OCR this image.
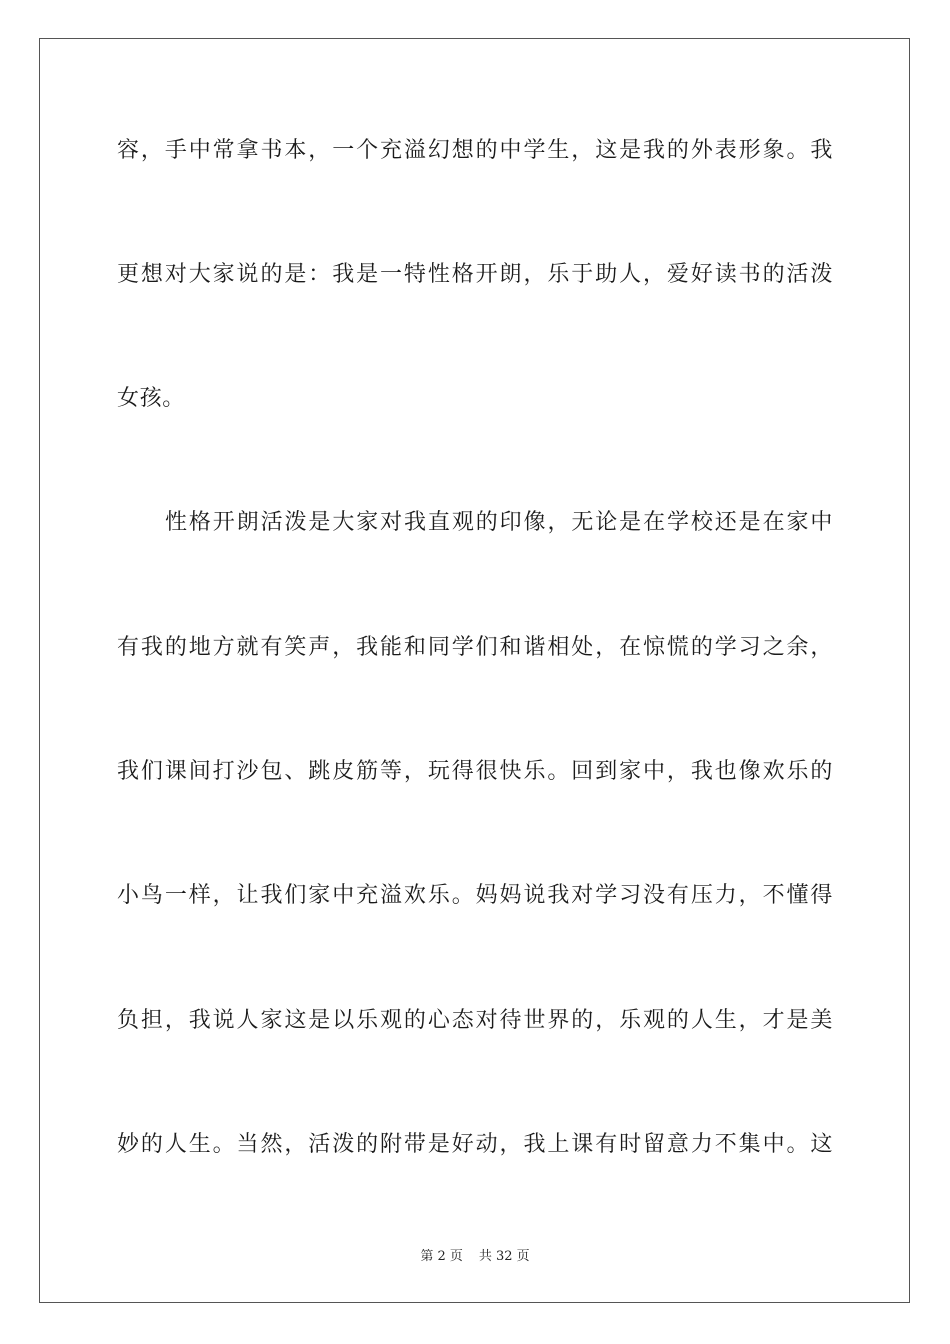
容，手中常拿书本，一个充溢幻想的中学生，这是我的外表形象。我
更想对大家说的是：我是一特性格开朗，乐于助人，爱好读书的活泼
女孩。
性格开朗活泼是大家对我直观的印像，无论是在学校还是在家中
有我的地方就有笑声，我能和同学们和谐相处，在惊慌的学习之余，
我们课间打沙包、跳皮筋等，玩得很快乐。回到家中，我也像欢乐的
小鸟一样，让我们家中充溢欢乐。妈妈说我对学习没有压力，不懂得
负担，我说人家这是以乐观的心态对待世界的，乐观的人生，才是美
妙的人生。当然，活泼的附带是好动，我上课有时留意力不集中。这
第 2 页 共 32 页
